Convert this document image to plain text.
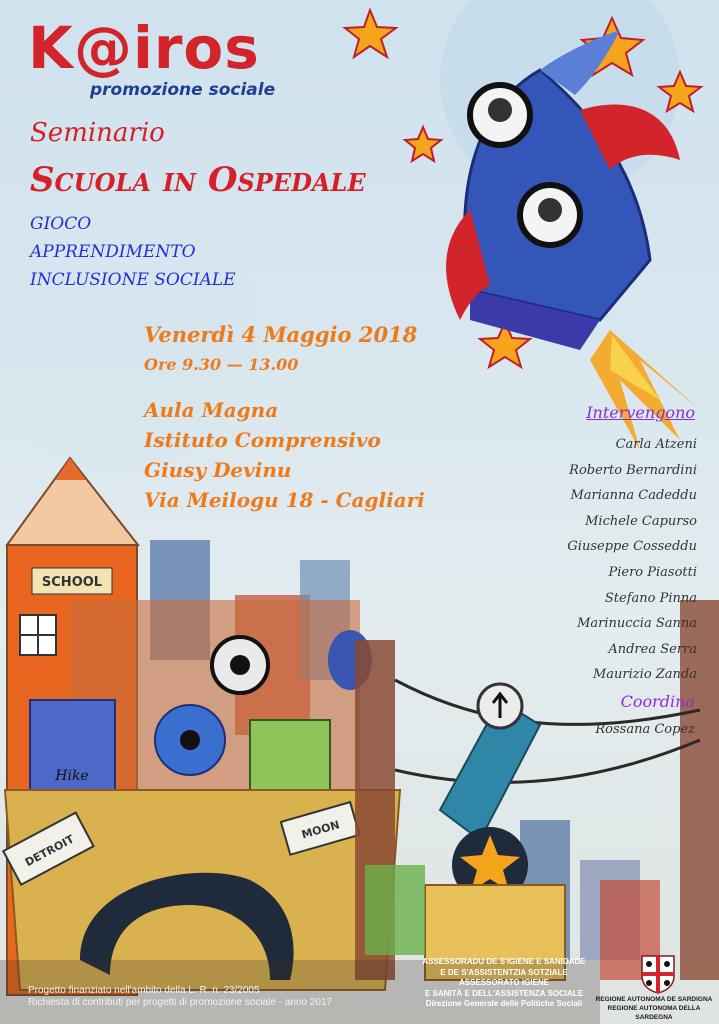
SCHOOL
Hike
DETROIT
MOON
K@iros
promozione sociale
Seminario
Scuola in Ospedale
GIOCO
APPRENDIMENTO
INCLUSIONE SOCIALE
Venerdì 4 Maggio 2018
Ore 9.30 — 13.00
Aula Magna
Istituto Comprensivo
Giusy Devinu
Via Meilogu 18 - Cagliari
Intervengono
Carla Atzeni
Roberto Bernardini
Marianna Cadeddu
Michele Capurso
Giuseppe Cosseddu
Piero Piasotti
Stefano Pinna
Marinuccia Sanna
Andrea Serra
Maurizio Zanda
Coordina
Rossana Copez
Progetto finanziato nell'ambito della L. R. n. 23/2005
Richiesta di contributi per progetti di promozione sociale - anno 2017
ASSESSORADU DE S'IGIENE E SANIDADE
E DE S'ASSISTENTZIA SOTZIALE
ASSESSORATO IGIENE
E SANITÀ E DELL'ASSISTENZA SOCIALE
Direzione Generale delle Politiche Sociali	REGIONE AUTONOMA DE SARDIGNA
REGIONE AUTONOMA DELLA SARDEGNA
